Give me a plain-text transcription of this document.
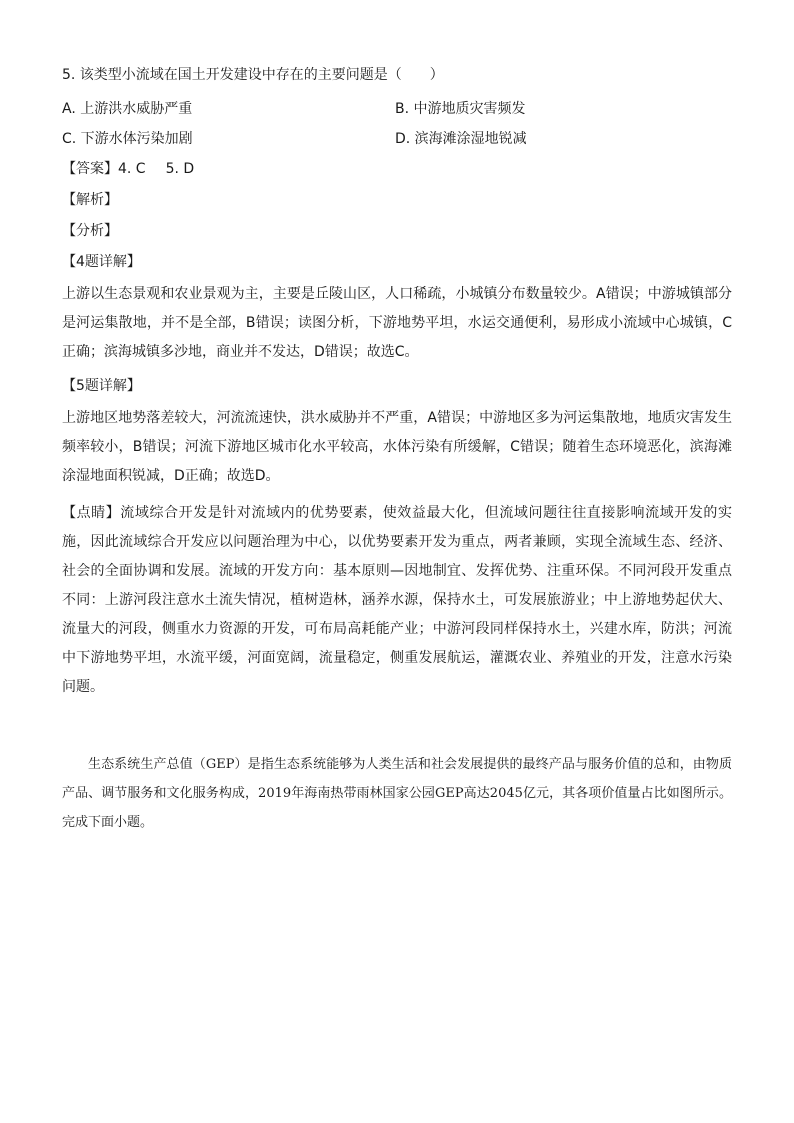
5. 该类型小流域在国土开发建设中存在的主要问题是（　　）
A. 上游洪水威胁严重	B. 中游地质灾害频发
C. 下游水体污染加剧	D. 滨海滩涂湿地锐减
【答案】4. C 5. D
【解析】
【分析】
【4题详解】
上游以生态景观和农业景观为主，主要是丘陵山区，人口稀疏，小城镇分布数量较少。A错误；中游城镇部分是河运集散地，并不是全部，B错误；读图分析，下游地势平坦，水运交通便利，易形成小流域中心城镇，C正确；滨海城镇多沙地，商业并不发达，D错误；故选C。
【5题详解】
上游地区地势落差较大，河流流速快，洪水威胁并不严重，A错误；中游地区多为河运集散地，地质灾害发生频率较小，B错误；河流下游地区城市化水平较高，水体污染有所缓解，C错误；随着生态环境恶化，滨海滩涂湿地面积锐减，D正确；故选D。
【点睛】流域综合开发是针对流域内的优势要素，使效益最大化，但流域问题往往直接影响流域开发的实施，因此流域综合开发应以问题治理为中心，以优势要素开发为重点，两者兼顾，实现全流域生态、经济、社会的全面协调和发展。流域的开发方向：基本原则—因地制宜、发挥优势、注重环保。不同河段开发重点不同：上游河段注意水土流失情况，植树造林，涵养水源，保持水土，可发展旅游业；中上游地势起伏大、流量大的河段，侧重水力资源的开发，可布局高耗能产业；中游河段同样保持水土，兴建水库，防洪；河流中下游地势平坦，水流平缓，河面宽阔，流量稳定，侧重发展航运，灌溉农业、养殖业的开发，注意水污染问题。
生态系统生产总值（GEP）是指生态系统能够为人类生活和社会发展提供的最终产品与服务价值的总和，由物质产品、调节服务和文化服务构成，2019年海南热带雨林国家公园GEP高达2045亿元，其各项价值量占比如图所示。完成下面小题。
